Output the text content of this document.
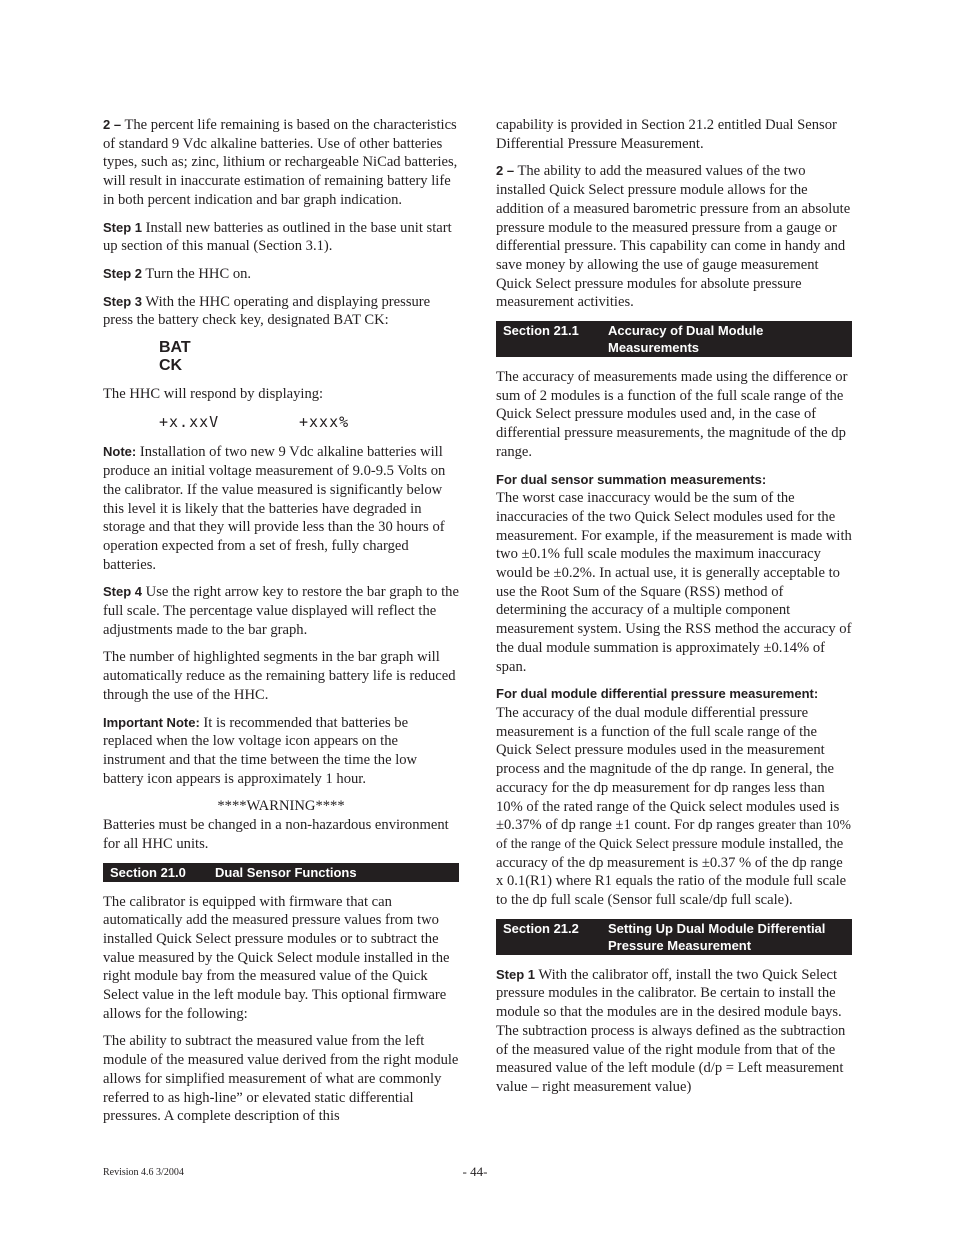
2 – The percent life remaining is based on the characteristics of standard 9 Vdc alkaline batteries. Use of other batteries types, such as; zinc, lithium or rechargeable NiCad batteries, will result in inaccurate estimation of remaining battery life in both percent indication and bar graph indication.

Step 1 Install new batteries as outlined in the base unit start up section of this manual (Section 3.1).

Step 2 Turn the HHC on.

Step 3 With the HHC operating and displaying pressure press the battery check key, designated BAT CK:

BAT
CK

The HHC will respond by displaying:

+x.xxV	+xxx%

Note: Installation of two new 9 Vdc alkaline batteries will produce an initial voltage measurement of 9.0-9.5 Volts on the calibrator. If the value measured is significantly below this level it is likely that the batteries have degraded in storage and that they will provide less than the 30 hours of operation expected from a set of fresh, fully charged batteries.

Step 4 Use the right arrow key to restore the bar graph to the full scale. The percentage value displayed will reflect the adjustments made to the bar graph.

The number of highlighted segments in the bar graph will automatically reduce as the remaining battery life is reduced through the use of the HHC.

Important Note: It is recommended that batteries be replaced when the low voltage icon appears on the instrument and that the time between the time the low battery icon appears is approximately 1 hour.

****WARNING****

Batteries must be changed in a non-hazardous environment for all HHC units.

Section 21.0	Dual Sensor Functions

The calibrator is equipped with firmware that can automatically add the measured pressure values from two installed Quick Select pressure modules or to subtract the value measured by the Quick Select module installed in the right module bay from the measured value of the Quick Select value in the left module bay. This optional firmware allows for the following:

The ability to subtract the measured value from the left module of the measured value derived from the right module allows for simplified measurement of what are commonly referred to as high-line” or elevated static differential pressures. A complete description of this

capability is provided in Section 21.2 entitled Dual Sensor Differential Pressure Measurement.

2 – The ability to add the measured values of the two installed Quick Select pressure module allows for the addition of a measured barometric pressure from an absolute pressure module to the measured pressure from a gauge or differential pressure. This capability can come in handy and save money by allowing the use of gauge measurement Quick Select pressure modules for absolute pressure measurement activities.

Section 21.1	Accuracy of Dual Module Measurements

The accuracy of measurements made using the difference or sum of 2 modules is a function of the full scale range of the Quick Select pressure modules used and, in the case of differential pressure measurements, the magnitude of the dp range.

For dual sensor summation measurements:

The worst case inaccuracy would be the sum of the inaccuracies of the two Quick Select modules used for the measurement. For example, if the measurement is made with two ±0.1% full scale modules the maximum inaccuracy would be ±0.2%. In actual use, it is generally acceptable to use the Root Sum of the Square (RSS) method of determining the accuracy of a multiple component measurement system. Using the RSS method the accuracy of the dual module summation is approximately ±0.14% of span.

For dual module differential pressure measurement:

The accuracy of the dual module differential pressure measurement is a function of the full scale range of the Quick Select pressure modules used in the measurement process and the magnitude of the dp range. In general, the accuracy for the dp measurement for dp ranges less than 10% of the rated range of the Quick select modules used is ±0.37% of dp range ±1 count. For dp ranges greater than 10% of the range of the Quick Select pressure module installed, the accuracy of the dp measurement is ±0.37 % of the dp range x 0.1(R1) where R1 equals the ratio of the module full scale to the dp full scale (Sensor full scale/dp full scale).

Section 21.2	Setting Up Dual Module Differential Pressure Measurement

Step 1 With the calibrator off, install the two Quick Select pressure modules in the calibrator. Be certain to install the module so that the modules are in the desired module bays. The subtraction process is always defined as the subtraction of the measured value of the right module from that of the measured value of the left module (d/p = Left measurement value – right measurement value)

Revision 4.6 3/2004	- 44-
